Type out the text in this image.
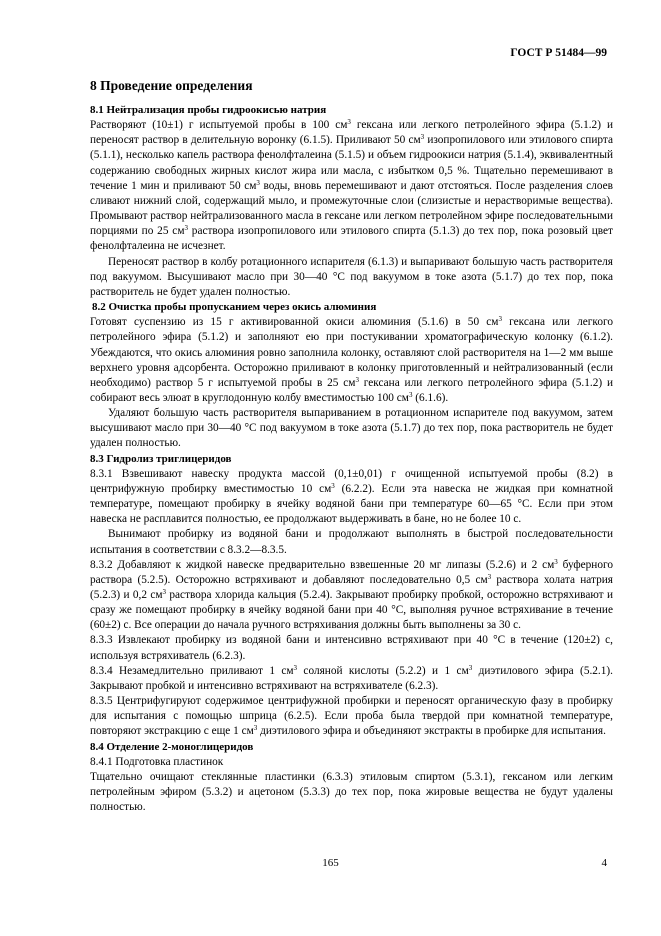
ГОСТ Р 51484—99
8 Проведение определения
8.1 Нейтрализация пробы гидроокисью натрия

Растворяют (10±1) г испытуемой пробы в 100 $см^3$ гексана или легкого петролейного эфира (5.1.2) и переносят раствор в делительную воронку (6.1.5). Приливают 50 $см^3$ изопропилового или этилового спирта (5.1.1), несколько капель раствора фенолфталеина (5.1.5) и объем гидроокиси натрия (5.1.4), эквивалентный содержанию свободных жирных кислот жира или масла, с избытком 0,5 %. Тщательно перемешивают в течение 1 мин и приливают 50 $см^3$ воды, вновь перемешивают и дают отстояться. После разделения слоев сливают нижний слой, содержащий мыло, и промежуточные слои (слизистые и нерастворимые вещества). Промывают раствор нейтрализованного масла в гексане или легком петролейном эфире последовательными порциями по 25 $см^3$ раствора изопропилового или этилового спирта (5.1.3) до тех пор, пока розовый цвет фенолфталеина не исчезнет.

Переносят раствор в колбу ротационного испарителя (6.1.3) и выпаривают большую часть растворителя под вакуумом. Высушивают масло при 30—40 °С под вакуумом в токе азота (5.1.7) до тех пор, пока растворитель не будет удален полностью.

8.2 Очистка пробы пропусканием через окись алюминия

Готовят суспензию из 15 г активированной окиси алюминия (5.1.6) в 50 $см^3$ гексана или легкого петролейного эфира (5.1.2) и заполняют ею при постукивании хроматографическую колонку (6.1.2). Убеждаются, что окись алюминия ровно заполнила колонку, оставляют слой растворителя на 1—2 мм выше верхнего уровня адсорбента. Осторожно приливают в колонку приготовленный и нейтрализованный (если необходимо) раствор 5 г испытуемой пробы в 25 $см^3$ гексана или легкого петролейного эфира (5.1.2) и собирают весь элюат в круглодонную колбу вместимостью 100 $см^3$ (6.1.6).

Удаляют большую часть растворителя выпариванием в ротационном испарителе под вакуумом, затем высушивают масло при 30—40 °С под вакуумом в токе азота (5.1.7) до тех пор, пока растворитель не будет удален полностью.

8.3 Гидролиз триглицеридов

8.3.1 Взвешивают навеску продукта массой (0,1±0,01) г очищенной испытуемой пробы (8.2) в центрифужную пробирку вместимостью 10 $см^3$ (6.2.2). Если эта навеска не жидкая при комнатной температуре, помещают пробирку в ячейку водяной бани при температуре 60—65 °С. Если при этом навеска не расплавится полностью, ее продолжают выдерживать в бане, но не более 10 с.

Вынимают пробирку из водяной бани и продолжают выполнять в быстрой последовательности испытания в соответствии с 8.3.2—8.3.5.

8.3.2 Добавляют к жидкой навеске предварительно взвешенные 20 мг липазы (5.2.6) и 2 $см^3$ буферного раствора (5.2.5). Осторожно встряхивают и добавляют последовательно 0,5 $см^3$ раствора холата натрия (5.2.3) и 0,2 $см^3$ раствора хлорида кальция (5.2.4). Закрывают пробирку пробкой, осторожно встряхивают и сразу же помещают пробирку в ячейку водяной бани при 40 °С, выполняя ручное встряхивание в течение (60±2) с. Все операции до начала ручного встряхивания должны быть выполнены за 30 с.

8.3.3 Извлекают пробирку из водяной бани и интенсивно встряхивают при 40 °С в течение (120±2) с, используя встряхиватель (6.2.3).

8.3.4 Незамедлительно приливают 1 $см^3$ соляной кислоты (5.2.2) и 1 $см^3$ диэтилового эфира (5.2.1). Закрывают пробкой и интенсивно встряхивают на встряхивателе (6.2.3).

8.3.5 Центрифугируют содержимое центрифужной пробирки и переносят органическую фазу в пробирку для испытания с помощью шприца (6.2.5). Если проба была твердой при комнатной температуре, повторяют экстракцию с еще 1 $см^3$ диэтилового эфира и объединяют экстракты в пробирке для испытания.

8.4 Отделение 2-моноглицеридов

8.4.1 Подготовка пластинок

Тщательно очищают стеклянные пластинки (6.3.3) этиловым спиртом (5.3.1), гексаном или легким петролейным эфиром (5.3.2) и ацетоном (5.3.3) до тех пор, пока жировые вещества не будут удалены полностью.

165	4
